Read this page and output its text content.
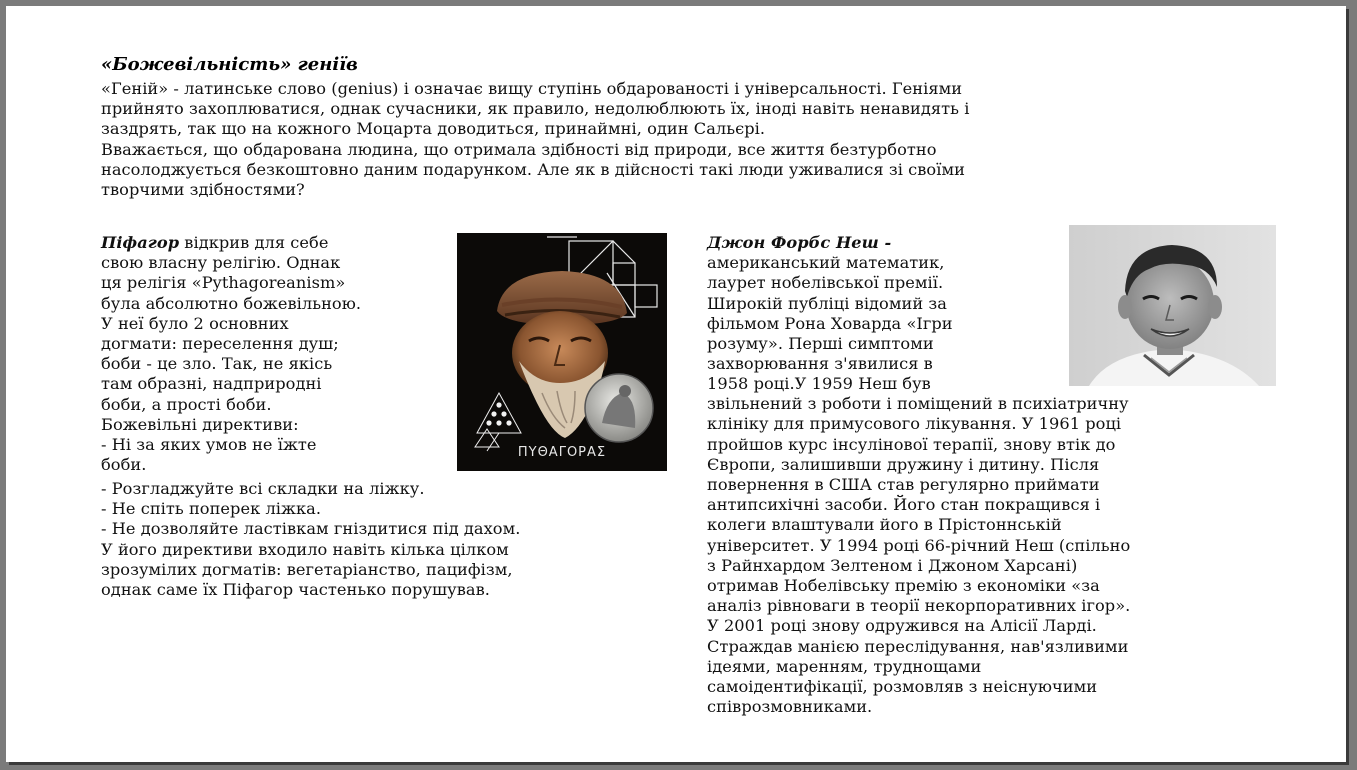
«Божевільність» геніїв
«Геній» - латинське слово (genius) і означає вищу ступінь обдарованості і універсальності. Геніями
прийнято захоплюватися, однак сучасники, як правило, недолюблюють їх, іноді навіть ненавидять і
заздрять, так що на кожного Моцарта доводиться, принаймні, один Сальєрі.
Вважається, що обдарована людина, що отримала здібності від природи, все життя безтурботно
насолоджується безкоштовно даним подарунком. Але як в дійсності такі люди уживалися зі своїми
творчими здібностями?
Піфагор відкрив для себе
свою власну релігію. Однак
ця релігія «Pythagoreanism»
була абсолютно божевільною.
У неї було 2 основних
догмати: переселення душ;
боби - це зло. Так, не якісь
там образні, надприродні
боби, а прості боби.
Божевільні директиви:
- Ні за яких умов не їжте
боби.
- Розгладжуйте всі складки на ліжку.
- Не спіть поперек ліжка.
- Не дозволяйте ластівкам гніздитися під дахом.
У його директиви входило навіть кілька цілком
зрозумілих догматів: вегетаріанство, пацифізм,
однак саме їх Піфагор частенько порушував.
ΠΥΘΑΓΟΡΑΣ
Джон Форбс Неш -
американський математик,
лаурет нобелівської премії.
Широкій публіці відомий за
фільмом Рона Ховарда «Ігри
розуму». Перші симптоми
захворювання з'явилися в
1958 році.У 1959 Неш був
звільнений з роботи і поміщений в психіатричну
клініку для примусового лікування. У 1961 році
пройшов курс інсулінової терапії, знову втік до
Європи, залишивши дружину і дитину. Після
повернення в США став регулярно приймати
антипсихічні засоби. Його стан покращився і
колеги влаштували його в Прістоннській
університет. У 1994 році 66-річний Неш (спільно
з Райнхардом Зелтеном і Джоном Харсані)
отримав Нобелівську премію з економіки «за
аналіз рівноваги в теорії некорпоративних ігор».
У 2001 році знову одружився на Алісії Ларді.
Страждав манією переслідування, нав'язливими
ідеями, маренням, труднощами
самоідентифікації, розмовляв з неіснуючими
співрозмовниками.
